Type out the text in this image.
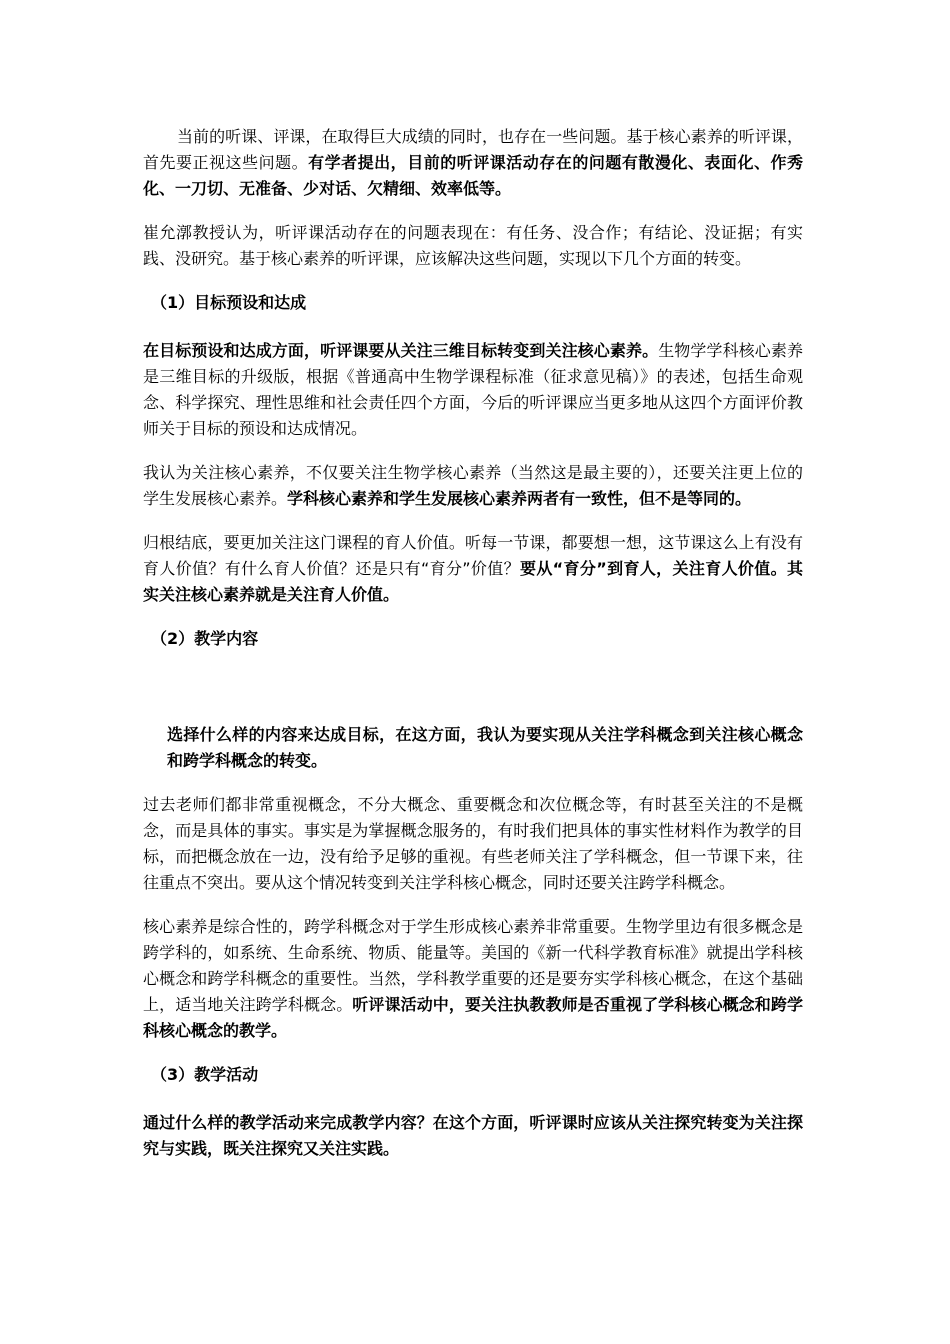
当前的听课、评课，在取得巨大成绩的同时，也存在一些问题。基于核心素养的听评课，首先要正视这些问题。有学者提出，目前的听评课活动存在的问题有散漫化、表面化、作秀化、一刀切、无准备、少对话、欠精细、效率低等。

崔允漷教授认为，听评课活动存在的问题表现在：有任务、没合作；有结论、没证据；有实践、没研究。基于核心素养的听评课，应该解决这些问题，实现以下几个方面的转变。

（1）目标预设和达成

在目标预设和达成方面，听评课要从关注三维目标转变到关注核心素养。生物学学科核心素养是三维目标的升级版，根据《普通高中生物学课程标准（征求意见稿）》的表述，包括生命观念、科学探究、理性思维和社会责任四个方面，今后的听评课应当更多地从这四个方面评价教师关于目标的预设和达成情况。

我认为关注核心素养，不仅要关注生物学核心素养（当然这是最主要的），还要关注更上位的学生发展核心素养。学科核心素养和学生发展核心素养两者有一致性，但不是等同的。

归根结底，要更加关注这门课程的育人价值。听每一节课，都要想一想，这节课这么上有没有育人价值？有什么育人价值？还是只有“育分”价值？要从“育分”到育人，关注育人价值。其实关注核心素养就是关注育人价值。

（2）教学内容

选择什么样的内容来达成目标，在这方面，我认为要实现从关注学科概念到关注核心概念和跨学科概念的转变。

过去老师们都非常重视概念，不分大概念、重要概念和次位概念等，有时甚至关注的不是概念，而是具体的事实。事实是为掌握概念服务的，有时我们把具体的事实性材料作为教学的目标，而把概念放在一边，没有给予足够的重视。有些老师关注了学科概念，但一节课下来，往往重点不突出。要从这个情况转变到关注学科核心概念，同时还要关注跨学科概念。

核心素养是综合性的，跨学科概念对于学生形成核心素养非常重要。生物学里边有很多概念是跨学科的，如系统、生命系统、物质、能量等。美国的《新一代科学教育标准》就提出学科核心概念和跨学科概念的重要性。当然，学科教学重要的还是要夯实学科核心概念，在这个基础上，适当地关注跨学科概念。听评课活动中，要关注执教教师是否重视了学科核心概念和跨学科核心概念的教学。

（3）教学活动

通过什么样的教学活动来完成教学内容？在这个方面，听评课时应该从关注探究转变为关注探究与实践，既关注探究又关注实践。
